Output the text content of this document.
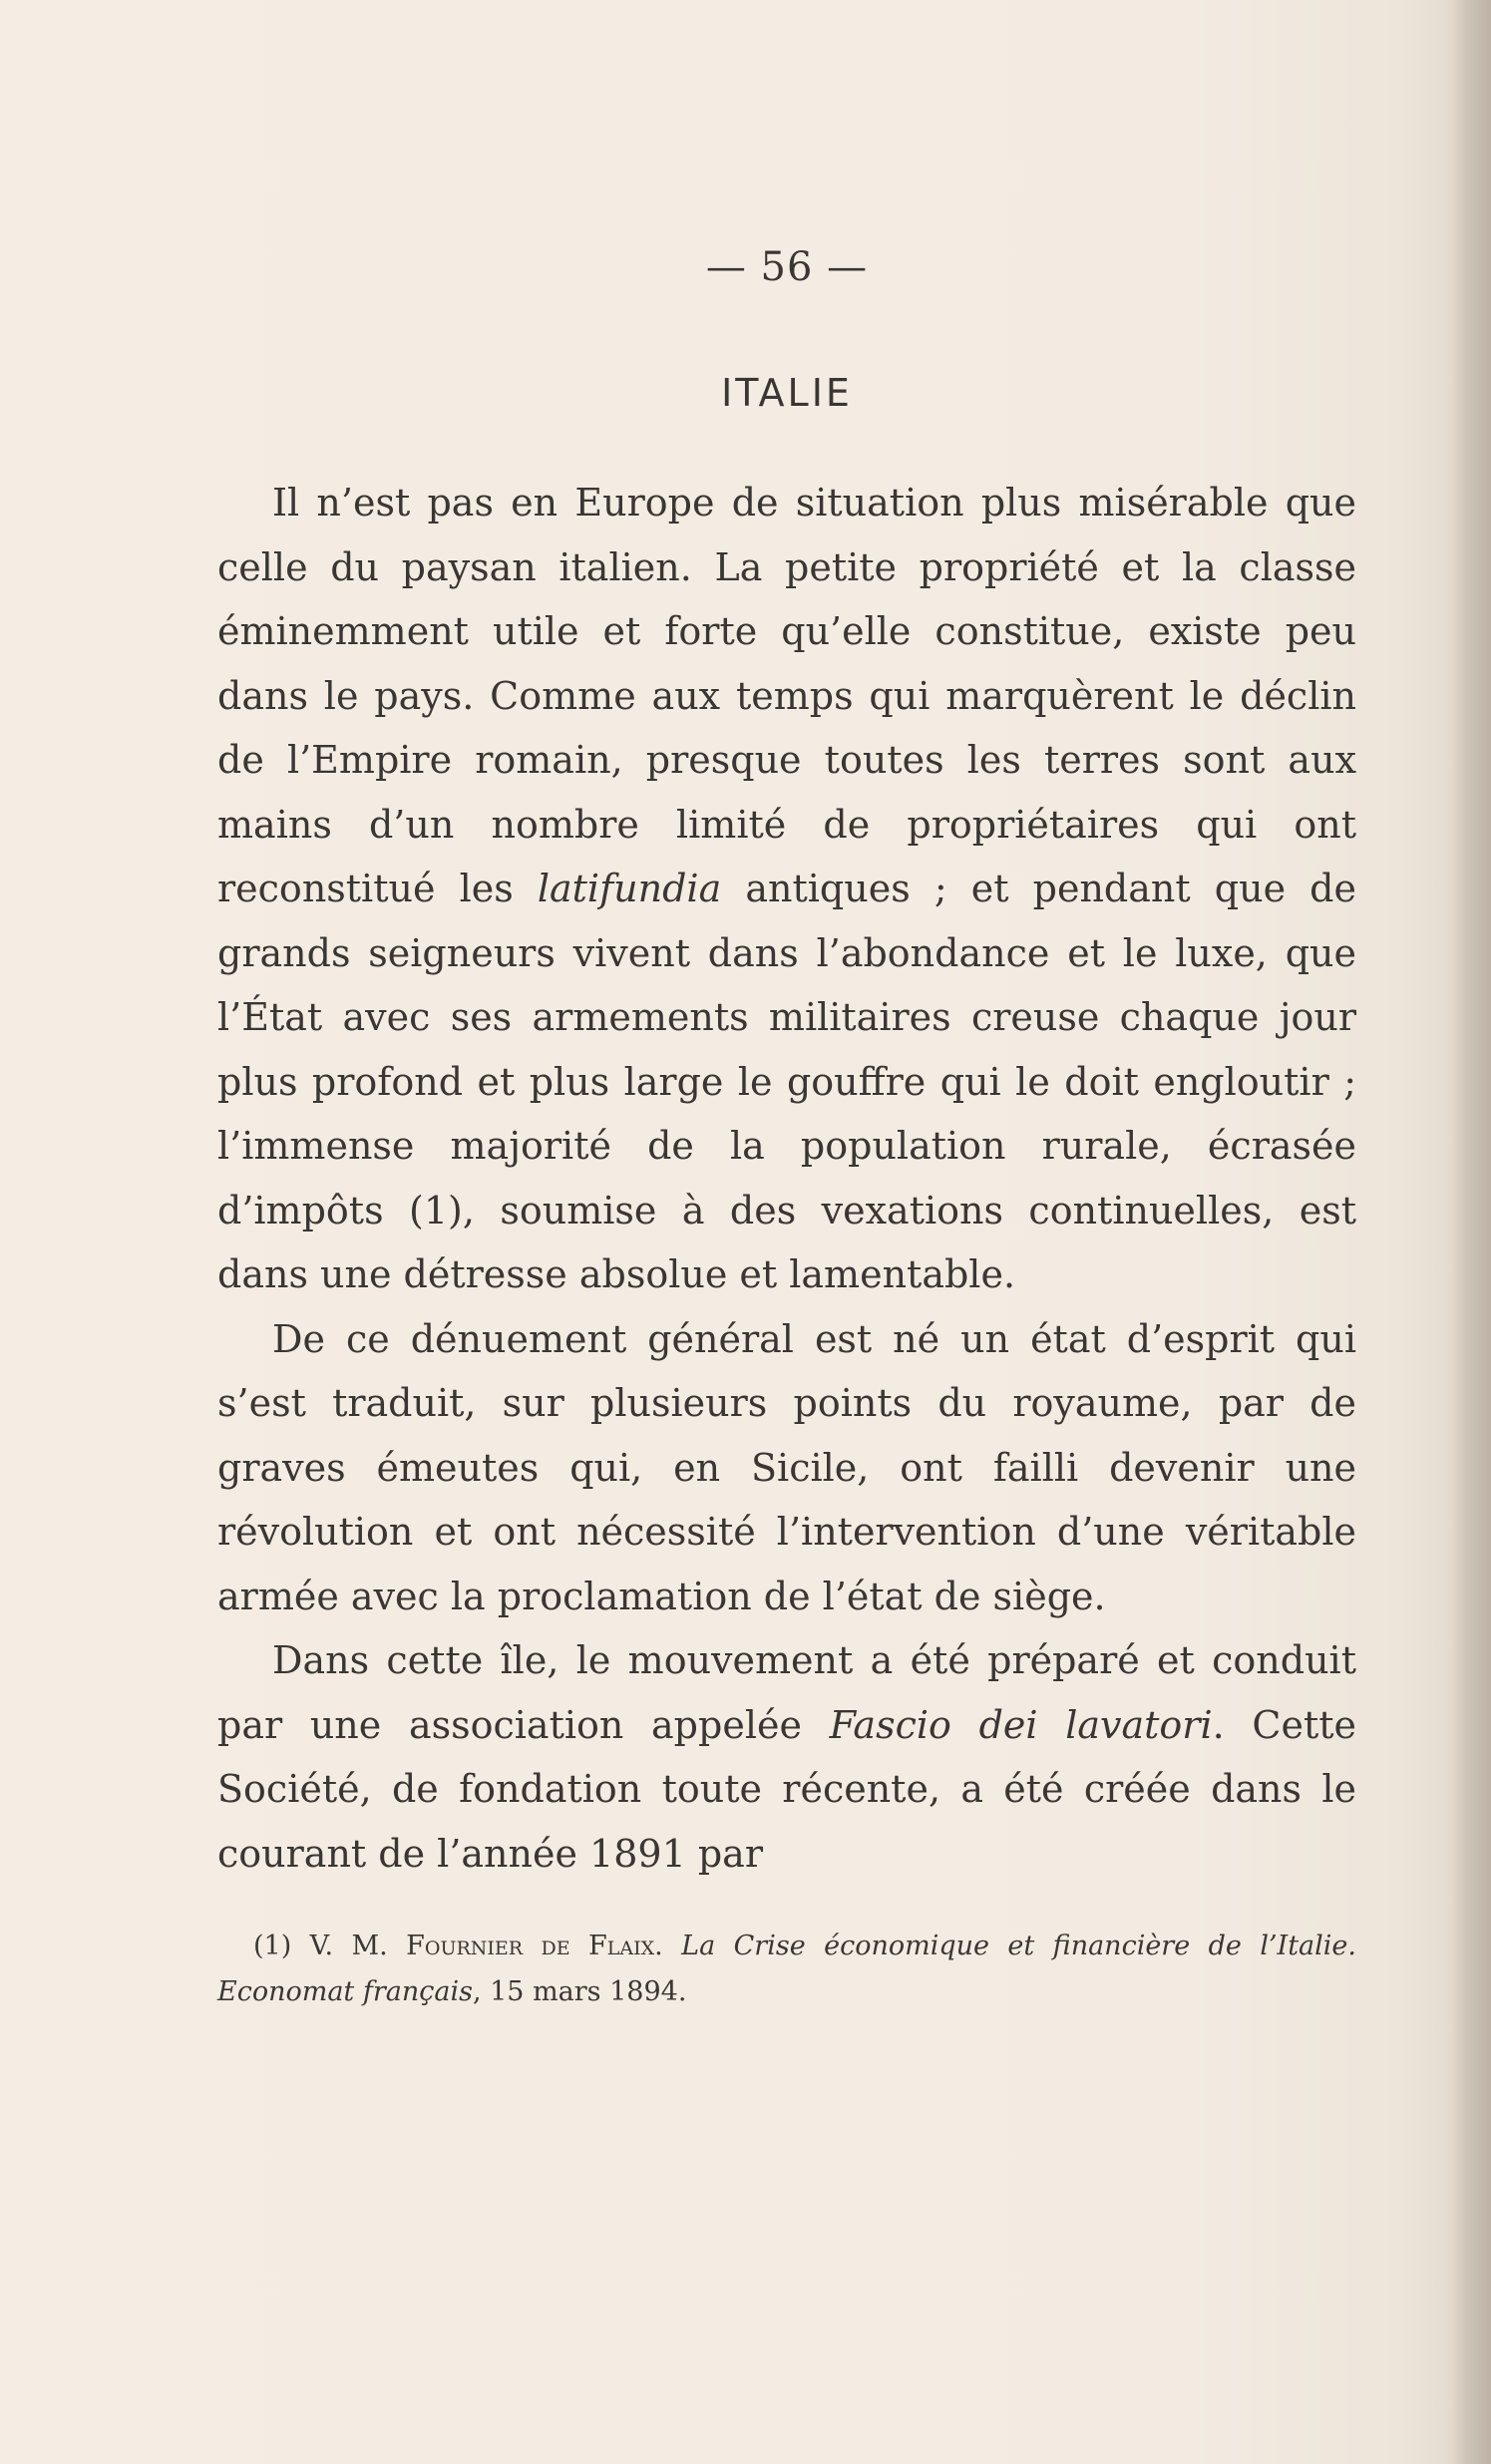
— 56 —
ITALIE

Il n’est pas en Europe de situation plus misérable que celle du paysan italien. La petite propriété et la classe éminemment utile et forte qu’elle constitue, existe peu dans le pays. Comme aux temps qui marquèrent le déclin de l’Empire romain, presque toutes les terres sont aux mains d’un nombre limité de propriétaires qui ont reconstitué les latifundia antiques ; et pendant que de grands seigneurs vivent dans l’abondance et le luxe, que l’État avec ses armements militaires creuse chaque jour plus profond et plus large le gouffre qui le doit engloutir ; l’immense majorité de la population rurale, écrasée d’impôts (1), soumise à des vexations continuelles, est dans une détresse absolue et lamentable.

De ce dénuement général est né un état d’esprit qui s’est traduit, sur plusieurs points du royaume, par de graves émeutes qui, en Sicile, ont failli devenir une révolution et ont nécessité l’intervention d’une véritable armée avec la proclamation de l’état de siège.

Dans cette île, le mouvement a été préparé et conduit par une association appelée Fascio dei lavatori. Cette Société, de fondation toute récente, a été créée dans le courant de l’année 1891 par

(1) V. M. Fournier de Flaix. La Crise économique et financière de l’Italie. Economat français, 15 mars 1894.
